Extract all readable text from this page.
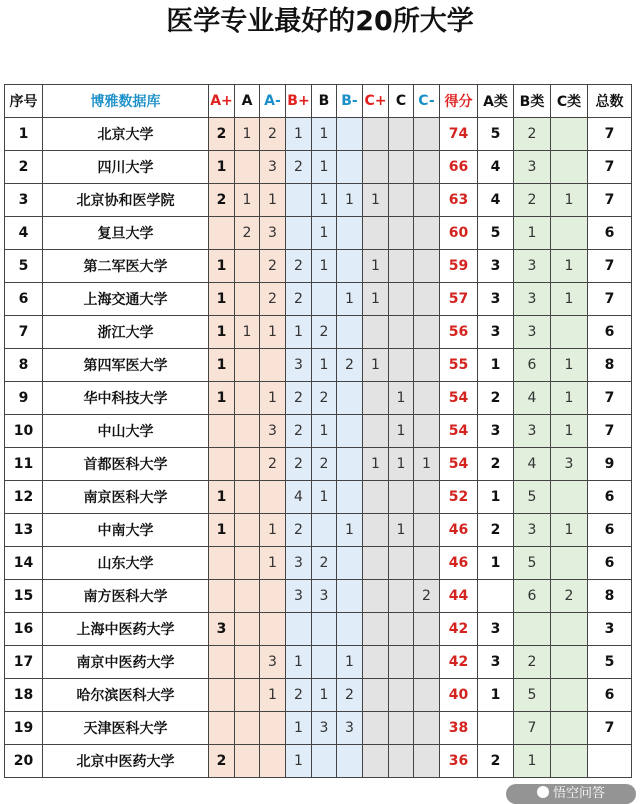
医学专业最好的20所大学
序号	博雅数据库	A+	A	A-	B+	B	B-	C+	C	C-	得分	A类	B类	C类	总数
1	北京大学	2	1	2	1	1					74	5	2		7
2	四川大学	1		3	2	1					66	4	3		7
3	北京协和医学院	2	1	1		1	1	1			63	4	2	1	7
4	复旦大学		2	3		1					60	5	1		6
5	第二军医大学	1		2	2	1		1			59	3	3	1	7
6	上海交通大学	1		2	2		1	1			57	3	3	1	7
7	浙江大学	1	1	1	1	2					56	3	3		6
8	第四军医大学	1			3	1	2	1			55	1	6	1	8
9	华中科技大学	1		1	2	2			1		54	2	4	1	7
10	中山大学			3	2	1			1		54	3	3	1	7
11	首都医科大学			2	2	2		1	1	1	54	2	4	3	9
12	南京医科大学	1			4	1					52	1	5		6
13	中南大学	1		1	2		1		1		46	2	3	1	6
14	山东大学			1	3	2					46	1	5		6
15	南方医科大学				3	3				2	44		6	2	8
16	上海中医药大学	3									42	3			3
17	南京中医药大学			3	1		1				42	3	2		5
18	哈尔滨医科大学			1	2	1	2				40	1	5		6
19	天津医科大学				1	3	3				38		7		7
20	北京中医药大学	2			1						36	2	1		
悟空问答
